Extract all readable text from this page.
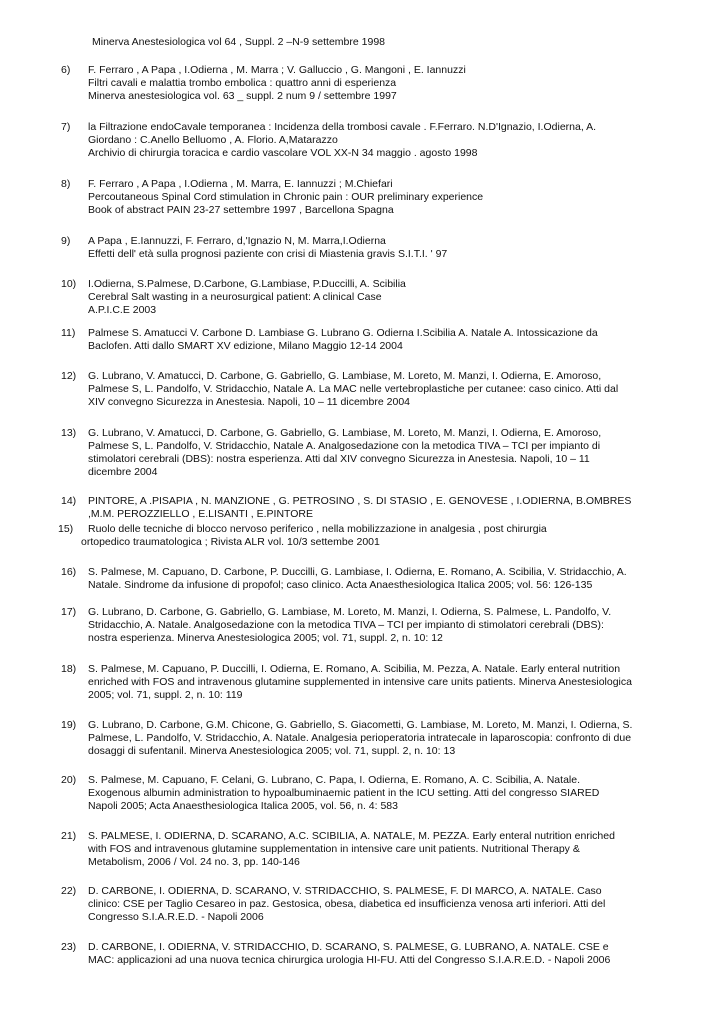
Minerva Anestesiologica vol 64 , Suppl. 2 –N-9 settembre 1998
6) F. Ferraro , A Papa , I.Odierna , M. Marra ; V. Galluccio , G. Mangoni , E. Iannuzzi
Filtri cavali e malattia trombo embolica : quattro anni di esperienza
Minerva anestesiologica vol. 63 _ suppl. 2 num 9 / settembre 1997
7) la Filtrazione endoCavale temporanea : Incidenza della trombosi cavale . F.Ferraro. N.D'Ignazio, I.Odierna, A.
Giordano : C.Anello Belluomo , A. Florio. A,Matarazzo
Archivio di chirurgia toracica e cardio vascolare VOL XX-N 34 maggio . agosto 1998
8) F. Ferraro , A Papa , I.Odierna , M. Marra, E. Iannuzzi ; M.Chiefari
Percoutaneous Spinal Cord stimulation in Chronic pain : OUR preliminary experience
Book of abstract PAIN 23-27 settembre 1997 , Barcellona Spagna
9) A Papa , E.Iannuzzi, F. Ferraro, d,'Ignazio N, M. Marra,I.Odierna
Effetti dell' età sulla prognosi paziente con crisi di Miastenia gravis S.I.T.I. ' 97
10) I.Odierna, S.Palmese, D.Carbone, G.Lambiase, P.Duccilli, A. Scibilia
Cerebral Salt wasting in a neurosurgical patient: A clinical Case
A.P.I.C.E 2003
11) Palmese S. Amatucci V. Carbone D. Lambiase G. Lubrano G. Odierna I.Scibilia A. Natale A. Intossicazione da
Baclofen. Atti dallo SMART XV edizione, Milano Maggio 12-14 2004
12) G. Lubrano, V. Amatucci, D. Carbone, G. Gabriello, G. Lambiase, M. Loreto, M. Manzi, I. Odierna, E. Amoroso,
Palmese S, L. Pandolfo, V. Stridacchio, Natale A. La MAC nelle vertebroplastiche per cutanee: caso cinico. Atti dal
XIV convegno Sicurezza in Anestesia. Napoli, 10 – 11 dicembre 2004
13) G. Lubrano, V. Amatucci, D. Carbone, G. Gabriello, G. Lambiase, M. Loreto, M. Manzi, I. Odierna, E. Amoroso,
Palmese S, L. Pandolfo, V. Stridacchio, Natale A. Analgosedazione con la metodica TIVA – TCI per impianto di
stimolatori cerebrali (DBS): nostra esperienza. Atti dal XIV convegno Sicurezza in Anestesia. Napoli, 10 – 11
dicembre 2004
14) PINTORE, A .PISAPIA , N. MANZIONE , G. PETROSINO , S. DI STASIO , E. GENOVESE , I.ODIERNA, B.OMBRES
,M.M. PEROZZIELLO , E.LISANTI , E.PINTORE
15) Ruolo delle tecniche di blocco nervoso periferico , nella mobilizzazione in analgesia , post chirurgia
ortopedico traumatologica ; Rivista ALR vol. 10/3 settembe 2001
16) S. Palmese, M. Capuano, D. Carbone, P. Duccilli, G. Lambiase, I. Odierna, E. Romano, A. Scibilia, V. Stridacchio, A.
Natale. Sindrome da infusione di propofol; caso clinico. Acta Anaesthesiologica Italica 2005; vol. 56: 126-135
17) G. Lubrano, D. Carbone, G. Gabriello, G. Lambiase, M. Loreto, M. Manzi, I. Odierna, S. Palmese, L. Pandolfo, V.
Stridacchio, A. Natale. Analgosedazione con la metodica TIVA – TCI per impianto di stimolatori cerebrali (DBS):
nostra esperienza. Minerva Anestesiologica 2005; vol. 71, suppl. 2, n. 10: 12
18) S. Palmese, M. Capuano, P. Duccilli, I. Odierna, E. Romano, A. Scibilia, M. Pezza, A. Natale. Early enteral nutrition
enriched with FOS and intravenous glutamine supplemented in intensive care units patients. Minerva Anestesiologica
2005; vol. 71, suppl. 2, n. 10: 119
19) G. Lubrano, D. Carbone, G.M. Chicone, G. Gabriello, S. Giacometti, G. Lambiase, M. Loreto, M. Manzi, I. Odierna, S.
Palmese, L. Pandolfo, V. Stridacchio, A. Natale. Analgesia perioperatoria intratecale in laparoscopia: confronto di due
dosaggi di sufentanil. Minerva Anestesiologica 2005; vol. 71, suppl. 2, n. 10: 13
20) S. Palmese, M. Capuano, F. Celani, G. Lubrano, C. Papa, I. Odierna, E. Romano, A. C. Scibilia, A. Natale.
Exogenous albumin administration to hypoalbuminaemic patient in the ICU setting. Atti del congresso SIARED
Napoli 2005; Acta Anaesthesiologica Italica 2005, vol. 56, n. 4: 583
21) S. PALMESE, I. ODIERNA, D. SCARANO, A.C. SCIBILIA, A. NATALE, M. PEZZA. Early enteral nutrition enriched
with FOS and intravenous glutamine supplementation in intensive care unit patients. Nutritional Therapy &
Metabolism, 2006 / Vol. 24 no. 3, pp. 140-146
22) D. CARBONE, I. ODIERNA, D. SCARANO, V. STRIDACCHIO, S. PALMESE, F. DI MARCO, A. NATALE. Caso
clinico: CSE per Taglio Cesareo in paz. Gestosica, obesa, diabetica ed insufficienza venosa arti inferiori. Atti del
Congresso S.I.A.R.E.D. - Napoli 2006
23) D. CARBONE, I. ODIERNA, V. STRIDACCHIO, D. SCARANO, S. PALMESE, G. LUBRANO, A. NATALE. CSE e
MAC: applicazioni ad una nuova tecnica chirurgica urologia HI-FU. Atti del Congresso S.I.A.R.E.D. - Napoli 2006
